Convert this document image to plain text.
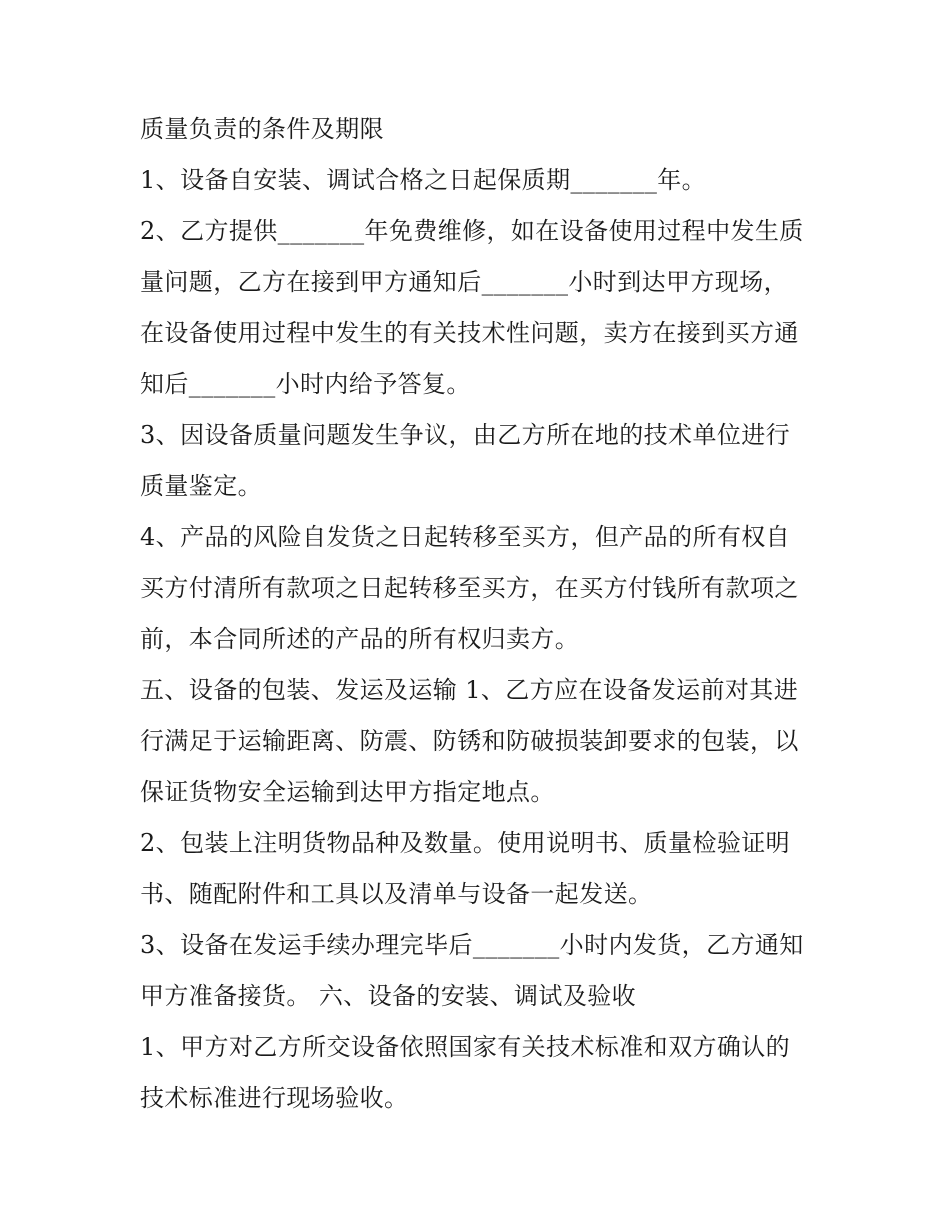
质量负责的条件及期限
1、设备自安装、调试合格之日起保质期_______年。
2、乙方提供_______年免费维修，如在设备使用过程中发生质
量问题，乙方在接到甲方通知后_______小时到达甲方现场，
在设备使用过程中发生的有关技术性问题，卖方在接到买方通
知后_______小时内给予答复。
3、因设备质量问题发生争议，由乙方所在地的技术单位进行
质量鉴定。
4、产品的风险自发货之日起转移至买方，但产品的所有权自
买方付清所有款项之日起转移至买方，在买方付钱所有款项之
前，本合同所述的产品的所有权归卖方。
五、设备的包装、发运及运输 1、乙方应在设备发运前对其进
行满足于运输距离、防震、防锈和防破损装卸要求的包装，以
保证货物安全运输到达甲方指定地点。
2、包装上注明货物品种及数量。使用说明书、质量检验证明
书、随配附件和工具以及清单与设备一起发送。
3、设备在发运手续办理完毕后_______小时内发货，乙方通知
甲方准备接货。 六、设备的安装、调试及验收
1、甲方对乙方所交设备依照国家有关技术标准和双方确认的
技术标准进行现场验收。
